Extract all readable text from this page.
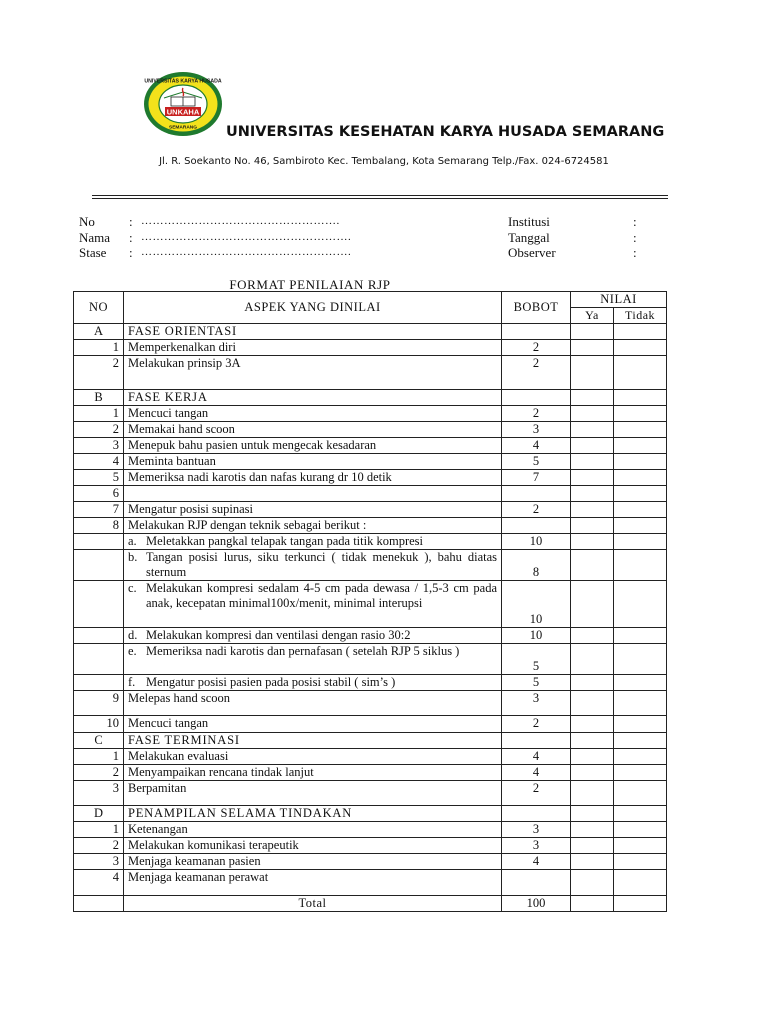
UNKAHA
UNIVERSITAS KARYA HUSADA
SEMARANG UNIVERSITAS KESEHATAN KARYA HUSADA SEMARANG
Jl. R. Soekanto No. 46, Sambiroto Kec. Tembalang, Kota Semarang Telp./Fax. 024-6724581
No	: …………………………………………….
Nama : ……………………………………………….
Stase : ……………………………………………….
Institusi	:
Tanggal	:
Observer	:
FORMAT PENILAIAN RJP
NO	ASPEK YANG DINILAI	BOBOT	NILAI	
			Ya	Tidak
A	FASE ORIENTASI			
1	Memperkenalkan diri	2		
2	Melakukan prinsip 3A	2		
B	FASE KERJA			
1	Mencuci tangan	2		
2	Memakai hand scoon	3		
3	Menepuk bahu pasien untuk mengecak kesadaran	4		
4	Meminta bantuan	5		
5	Memeriksa nadi karotis dan nafas kurang dr 10 detik	7		
6				
7	Mengatur posisi supinasi	2		
8	Melakukan RJP dengan teknik sebagai berikut :			

	a. Meletakkan pangkal telapak tangan pada titik kompresi	10		

	b. Tangan posisi lurus, siku terkunci ( tidak menekuk ), bahu diatas sternum	8		

	c. Melakukan kompresi sedalam 4-5 cm pada dewasa / 1,5-3 cm pada anak, kecepatan minimal100x/menit, minimal interupsi	10		

	d. Melakukan kompresi dan ventilasi dengan rasio 30:2	10		

	e. Memeriksa nadi karotis dan pernafasan ( setelah RJP 5 siklus )	5		

	f. Mengatur posisi pasien pada posisi stabil ( sim’s )	5		
9	Melepas hand scoon	3		
10	Mencuci tangan	2		
C	FASE TERMINASI			
1	Melakukan evaluasi	4		
2	Menyampaikan rencana tindak lanjut	4		
3	Berpamitan	2		
D	PENAMPILAN SELAMA TINDAKAN			
1	Ketenangan	3		
2	Melakukan komunikasi terapeutik	3		
3	Menjaga keamanan pasien	4		
4	Menjaga keamanan perawat			
	Total	100		
